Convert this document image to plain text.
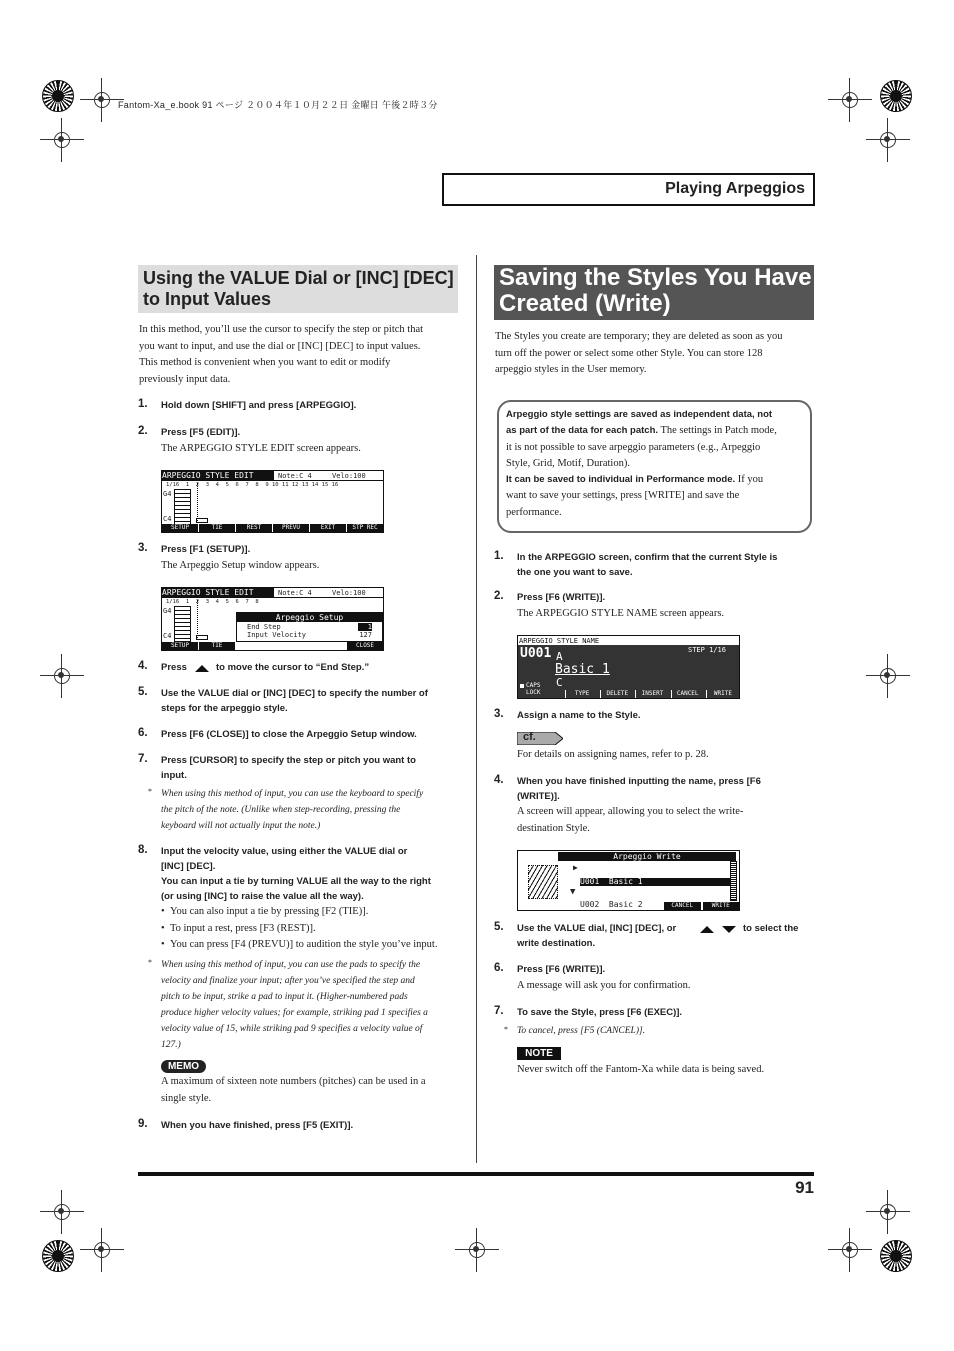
Fantom-Xa_e.book 91 ページ ２００４年１０月２２日 金曜日 午後２時３分
Playing Arpeggios
Using the VALUE Dial or [INC] [DEC]
to Input Values
Saving the Styles You Have
Created (Write)
In this method, you’ll use the cursor to specify the step or pitch that
you want to input, and use the dial or [INC] [DEC] to input values.
This method is convenient when you want to edit or modify
previously input data.
1. Hold down [SHIFT] and press [ARPEGGIO].
2. Press [F5 (EDIT)].
The ARPEGGIO STYLE EDIT screen appears.
ARPEGGIO STYLE EDIT	Note:C 4	Velo:100
1/16  1  2  3  4  5  6  7  8  9 10 11 12 13 14 15 16
G4
C4
SETUP	TIE	REST	PREVU	EXIT	STP REC
3. Press [F1 (SETUP)].
The Arpeggio Setup window appears.
ARPEGGIO STYLE EDIT	Note:C 4	Velo:100
1/16  1  2  3  4  5  6  7  8
G4
C4
Arpeggio Setup
End Step	1
Input Velocity	127
SETUP	TIE	CLOSE
4. Press	to move the cursor to “End Step.”
5. Use the VALUE dial or [INC] [DEC] to specify the number of
steps for the arpeggio style.
6. Press [F6 (CLOSE)] to close the Arpeggio Setup window.
7. Press [CURSOR] to specify the step or pitch you want to
input.
* When using this method of input, you can use the keyboard to specify
the pitch of the note. (Unlike when step-recording, pressing the
keyboard will not actually input the note.)
8. Input the velocity value, using either the VALUE dial or
[INC] [DEC].
You can input a tie by turning VALUE all the way to the right
(or using [INC] to raise the value all the way).
•  You can also input a tie by pressing [F2 (TIE)].
•  To input a rest, press [F3 (REST)].
•  You can press [F4 (PREVU)] to audition the style you’ve input.
* When using this method of input, you can use the pads to specify the
velocity and finalize your input; after you’ve specified the step and
pitch to be input, strike a pad to input it. (Higher-numbered pads
produce higher velocity values; for example, striking pad 1 specifies a
velocity value of 15, while striking pad 9 specifies a velocity value of
127.)
MEMO
A maximum of sixteen note numbers (pitches) can be used in a
single style.
9. When you have finished, press [F5 (EXIT)].
The Styles you create are temporary; they are deleted as soon as you
turn off the power or select some other Style. You can store 128
arpeggio styles in the User memory.
Arpeggio style settings are saved as independent data, not
as part of the data for each patch. The settings in Patch mode,
it is not possible to save arpeggio parameters (e.g., Arpeggio
Style, Grid, Motif, Duration).
It can be saved to individual in Performance mode. If you
want to save your settings, press [WRITE] and save the
performance.
1. In the ARPEGGIO screen, confirm that the current Style is
the one you want to save.
2. Press [F6 (WRITE)].
The ARPEGGIO STYLE NAME screen appears.
ARPEGGIO STYLE NAME
U001	STEP 1/16
A
Basic 1
C
CAPS
LOCK	TYPE	DELETE	INSERT	CANCEL	WRITE
3. Assign a name to the Style.
cf.
For details on assigning names, refer to p. 28.
4. When you have finished inputting the name, press [F6
(WRITE)].
A screen will appear, allowing you to select the write-
destination Style.
Arpeggio Write
▼

U001  Basic 1

U002  Basic 2

▶
CANCEL	WRITE
5. Use the VALUE dial, [INC] [DEC], or	to select the
write destination.
6. Press [F6 (WRITE)].
A message will ask you for confirmation.
7. To save the Style, press [F6 (EXEC)].
* To cancel, press [F5 (CANCEL)].
NOTE
Never switch off the Fantom-Xa while data is being saved.
91
